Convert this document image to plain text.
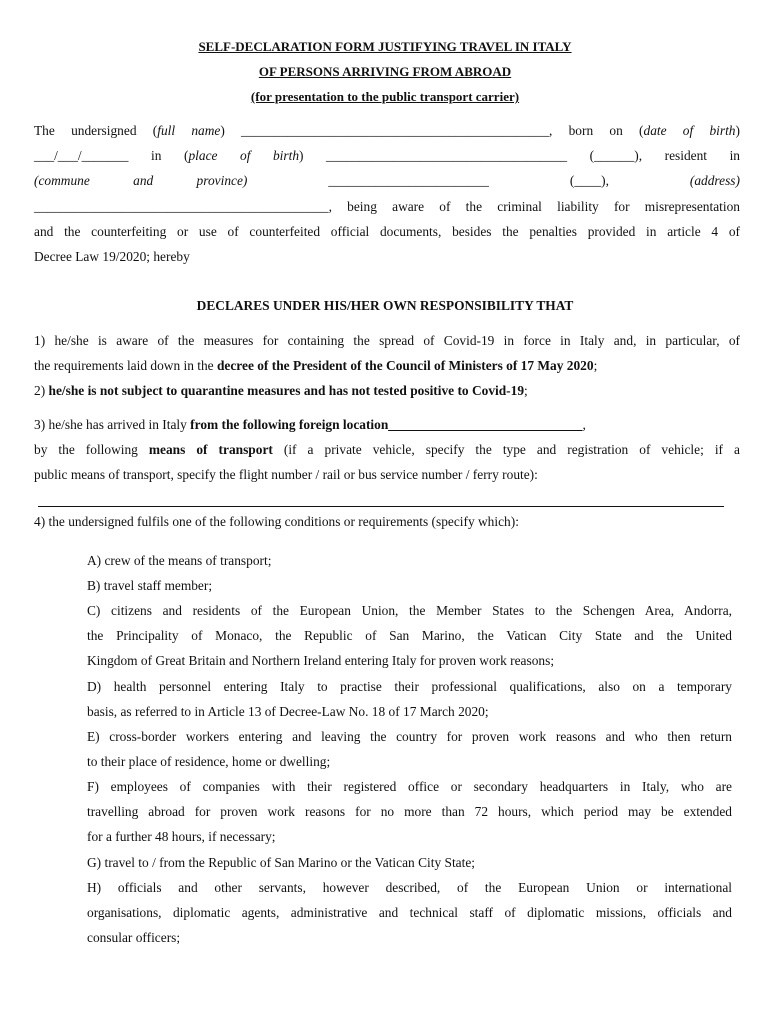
SELF-DECLARATION FORM JUSTIFYING TRAVEL IN ITALY
OF PERSONS ARRIVING FROM ABROAD
(for presentation to the public transport carrier)
The undersigned (full name) ______________________________________________, born on (date of birth)
___/___/_______ in (place of birth) ____________________________________ (______), resident in
(commune and province)	________________________	(____),	(address)
____________________________________________, being aware of the criminal liability for misrepresentation
and the counterfeiting or use of counterfeited official documents, besides the penalties provided in article 4 of
Decree Law 19/2020; hereby
DECLARES UNDER HIS/HER OWN RESPONSIBILITY THAT
1) he/she is aware of the measures for containing the spread of Covid-19 in force in Italy and, in particular, of
the requirements laid down in the decree of the President of the Council of Ministers of 17 May 2020;
2) he/she is not subject to quarantine measures and has not tested positive to Covid-19;
3) he/she has arrived in Italy from the following foreign location_____________________________,
by the following means of transport (if a private vehicle, specify the type and registration of vehicle; if a
public means of transport, specify the flight number / rail or bus service number / ferry route):
4) the undersigned fulfils one of the following conditions or requirements (specify which):
A) crew of the means of transport;
B) travel staff member;
C) citizens and residents of the European Union, the Member States to the Schengen Area, Andorra,
the Principality of Monaco, the Republic of San Marino, the Vatican City State and the United
Kingdom of Great Britain and Northern Ireland entering Italy for proven work reasons;
D) health personnel entering Italy to practise their professional qualifications, also on a temporary
basis, as referred to in Article 13 of Decree-Law No. 18 of 17 March 2020;
E) cross-border workers entering and leaving the country for proven work reasons and who then return
to their place of residence, home or dwelling;
F) employees of companies with their registered office or secondary headquarters in Italy, who are
travelling abroad for proven work reasons for no more than 72 hours, which period may be extended
for a further 48 hours, if necessary;
G) travel to / from the Republic of San Marino or the Vatican City State;
H) officials and other servants, however described, of the European Union or international
organisations, diplomatic agents, administrative and technical staff of diplomatic missions, officials and
consular officers;
